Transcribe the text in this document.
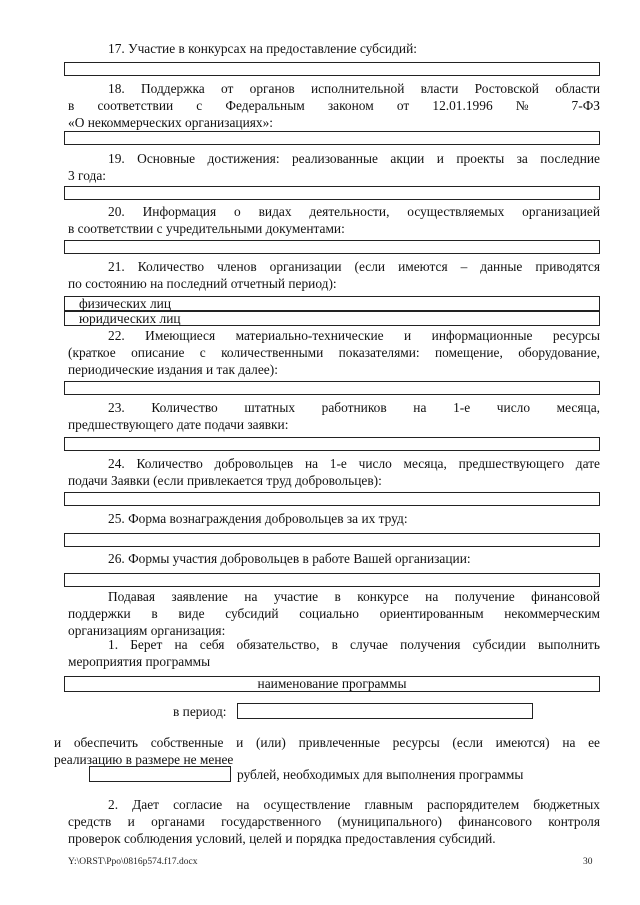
17. Участие в конкурсах на предоставление субсидий:

18. Поддержка от органов исполнительной власти Ростовской области
в соответствии с Федеральным законом от 12.01.1996 № 7-ФЗ
«О некоммерческих организациях»:

19. Основные достижения: реализованные акции и проекты за последние
3 года:

20. Информация о видах деятельности, осуществляемых организацией
в соответствии с учредительными документами:

21. Количество членов организации (если имеются – данные приводятся
по состоянию на последний отчетный период):

физических лиц
юридических лиц

22. Имеющиеся материально-технические и информационные ресурсы
(краткое описание с количественными показателями: помещение, оборудование,
периодические издания и так далее):

23. Количество штатных работников на 1-е число месяца,
предшествующего дате подачи заявки:

24. Количество добровольцев на 1-е число месяца, предшествующего дате
подачи Заявки (если привлекается труд добровольцев):

25. Форма вознаграждения добровольцев за их труд:

26. Формы участия добровольцев в работе Вашей организации:

Подавая заявление на участие в конкурсе на получение финансовой
поддержки в виде субсидий социально ориентированным некоммерческим
организациям организация:

1. Берет на себя обязательство, в случае получения субсидии выполнить
мероприятия программы

наименование программы
в период:

и обеспечить собственные и (или) привлеченные ресурсы (если имеются) на ее
реализацию в размере не менее

рублей, необходимых для выполнения программы

2. Дает согласие на осуществление главным распорядителем бюджетных
средств и органами государственного (муниципального) финансового контроля
проверок соблюдения условий, целей и порядка предоставления субсидий.

Y:\ORST\Ppo\0816p574.f17.docx	30
